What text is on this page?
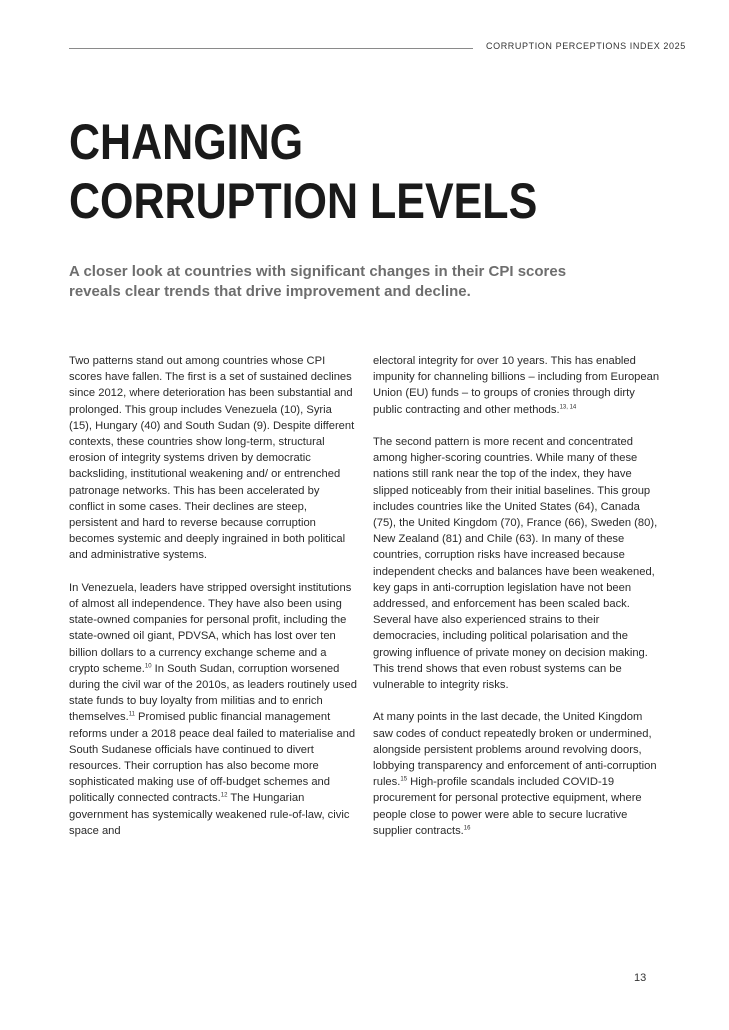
CORRUPTION PERCEPTIONS INDEX 2025
CHANGING
CORRUPTION LEVELS

A closer look at countries with significant changes in their CPI scores reveals clear trends that drive improvement and decline.

Two patterns stand out among countries whose CPI scores have fallen. The first is a set of sustained declines since 2012, where deterioration has been substantial and prolonged. This group includes Venezuela (10), Syria (15), Hungary (40) and South Sudan (9). Despite different contexts, these countries show long-term, structural erosion of integrity systems driven by democratic backsliding, institutional weakening and/ or entrenched patronage networks. This has been accelerated by conflict in some cases. Their declines are steep, persistent and hard to reverse because corruption becomes systemic and deeply ingrained in both political and administrative systems.

In Venezuela, leaders have stripped oversight institutions of almost all independence. They have also been using state-owned companies for personal profit, including the state-owned oil giant, PDVSA, which has lost over ten billion dollars to a currency exchange scheme and a crypto scheme.$^{10}$ In South Sudan, corruption worsened during the civil war of the 2010s, as leaders routinely used state funds to buy loyalty from militias and to enrich themselves.$^{11}$ Promised public financial management reforms under a 2018 peace deal failed to materialise and South Sudanese officials have continued to divert resources. Their corruption has also become more sophisticated making use of off-budget schemes and politically connected contracts.$^{12}$ The Hungarian government has systemically weakened rule-of-law, civic space and

electoral integrity for over 10 years. This has enabled impunity for channeling billions – including from European Union (EU) funds – to groups of cronies through dirty public contracting and other methods.$^{13, 14}$

The second pattern is more recent and concentrated among higher-scoring countries. While many of these nations still rank near the top of the index, they have slipped noticeably from their initial baselines. This group includes countries like the United States (64), Canada (75), the United Kingdom (70), France (66), Sweden (80), New Zealand (81) and Chile (63). In many of these countries, corruption risks have increased because independent checks and balances have been weakened, key gaps in anti-corruption legislation have not been addressed, and enforcement has been scaled back. Several have also experienced strains to their democracies, including political polarisation and the growing influence of private money on decision making. This trend shows that even robust systems can be vulnerable to integrity risks.

At many points in the last decade, the United Kingdom saw codes of conduct repeatedly broken or undermined, alongside persistent problems around revolving doors, lobbying transparency and enforcement of anti-corruption rules.$^{15}$ High-profile scandals included COVID-19 procurement for personal protective equipment, where people close to power were able to secure lucrative supplier contracts.$^{16}$

13
